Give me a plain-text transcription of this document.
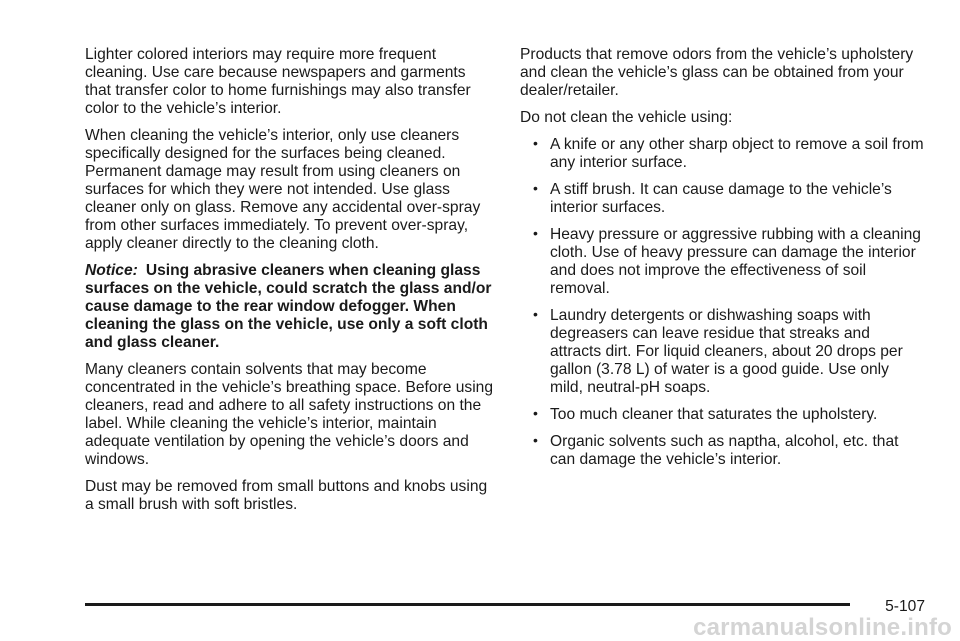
Lighter colored interiors may require more frequent cleaning. Use care because newspapers and garments that transfer color to home furnishings may also transfer color to the vehicle’s interior.

When cleaning the vehicle’s interior, only use cleaners specifically designed for the surfaces being cleaned. Permanent damage may result from using cleaners on surfaces for which they were not intended. Use glass cleaner only on glass. Remove any accidental over-spray from other surfaces immediately. To prevent over-spray, apply cleaner directly to the cleaning cloth.

Notice: Using abrasive cleaners when cleaning glass surfaces on the vehicle, could scratch the glass and/or cause damage to the rear window defogger. When cleaning the glass on the vehicle, use only a soft cloth and glass cleaner.

Many cleaners contain solvents that may become concentrated in the vehicle’s breathing space. Before using cleaners, read and adhere to all safety instructions on the label. While cleaning the vehicle’s interior, maintain adequate ventilation by opening the vehicle’s doors and windows.

Dust may be removed from small buttons and knobs using a small brush with soft bristles.

Products that remove odors from the vehicle’s upholstery and clean the vehicle’s glass can be obtained from your dealer/retailer.

Do not clean the vehicle using:

• A knife or any other sharp object to remove a soil from any interior surface.
• A stiff brush. It can cause damage to the vehicle’s interior surfaces.
• Heavy pressure or aggressive rubbing with a cleaning cloth. Use of heavy pressure can damage the interior and does not improve the effectiveness of soil removal.
• Laundry detergents or dishwashing soaps with degreasers can leave residue that streaks and attracts dirt. For liquid cleaners, about 20 drops per gallon (3.78 L) of water is a good guide. Use only mild, neutral-pH soaps.
• Too much cleaner that saturates the upholstery.
• Organic solvents such as naptha, alcohol, etc. that can damage the vehicle’s interior.
5-107
carmanualsonline.info
